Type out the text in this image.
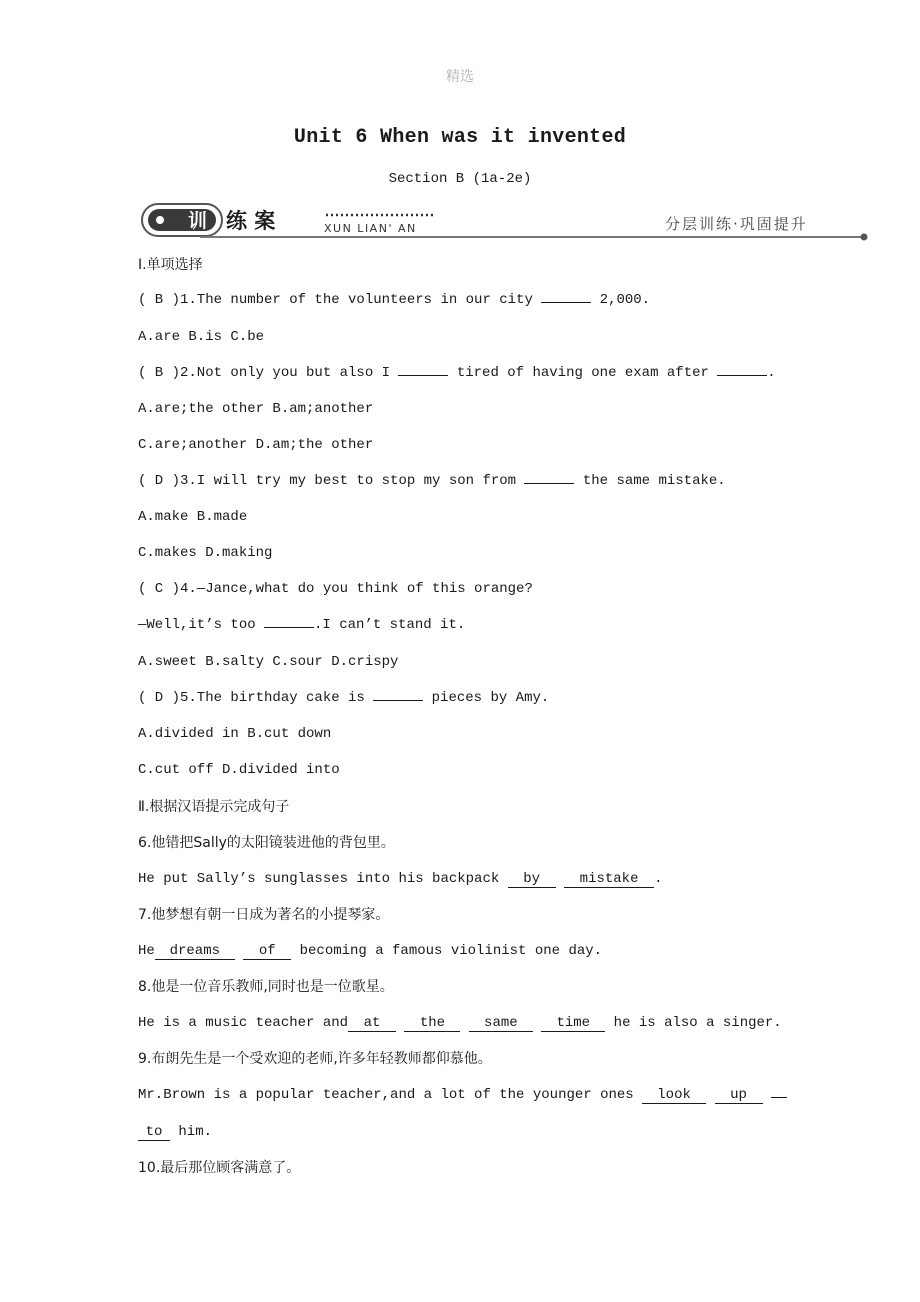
精选
Unit 6 When was it invented
Section B (1a-2e)
训 练 案	XUN LIAN' AN	分层训练·巩固提升
Ⅰ.单项选择
( B )1.The number of the volunteers in our city	2,000.
A.are B.is C.be
( B )2.Not only you but also I	tired of having one exam after	.
A.are;the other B.am;another
C.are;another D.am;the other
( D )3.I will try my best to stop my son from	the same mistake.
A.make B.made
C.makes D.making
( C )4.—Jance,what do you think of this orange?
—Well,it’s too	.I can’t stand it.
A.sweet B.salty C.sour D.crispy
( D )5.The birthday cake is	pieces by Amy.
A.divided in B.cut down
C.cut off D.divided into
Ⅱ.根据汉语提示完成句子
6.他错把Sally的太阳镜装进他的背包里。
He put Sally’s sunglasses into his backpack by	mistake .
7.他梦想有朝一日成为著名的小提琴家。
He dreams	of becoming a famous violinist one day.
8.他是一位音乐教师,同时也是一位歌星。
He is a music teacher and at	the	same	time he is also a singer.
9.布朗先生是一个受欢迎的老师,许多年轻教师都仰慕他。
Mr.Brown is a popular teacher,and a lot of the younger ones look	up
to him.
10.最后那位顾客满意了。
